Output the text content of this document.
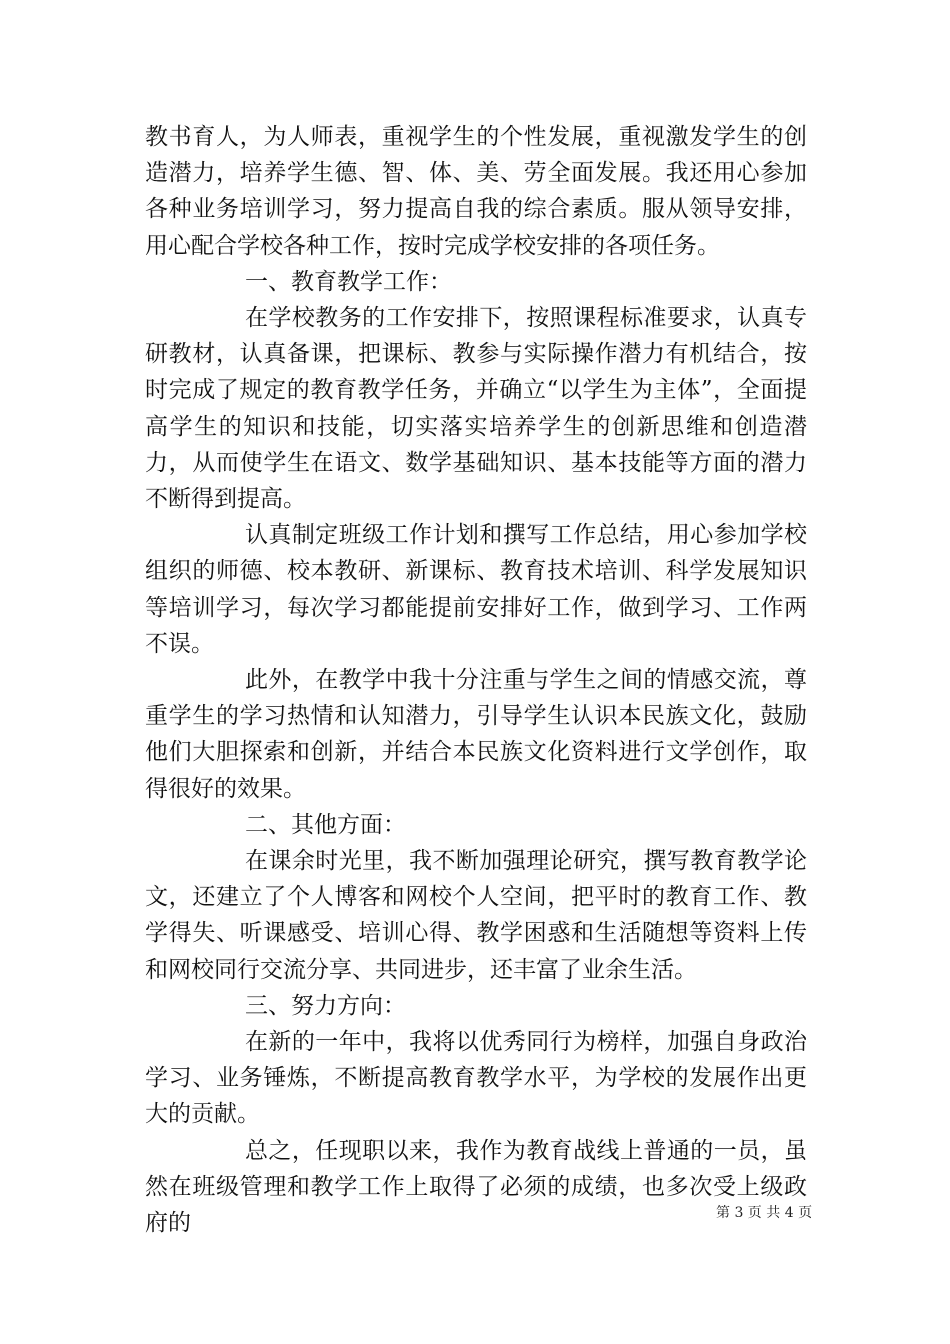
教书育人，为人师表，重视学生的个性发展，重视激发学生的创造潜力，培养学生德、智、体、美、劳全面发展。我还用心参加各种业务培训学习，努力提高自我的综合素质。服从领导安排，用心配合学校各种工作，按时完成学校安排的各项任务。

一、教育教学工作：

在学校教务的工作安排下，按照课程标准要求，认真专研教材，认真备课，把课标、教参与实际操作潜力有机结合，按时完成了规定的教育教学任务，并确立“以学生为主体”，全面提高学生的知识和技能，切实落实培养学生的创新思维和创造潜力，从而使学生在语文、数学基础知识、基本技能等方面的潜力不断得到提高。

认真制定班级工作计划和撰写工作总结，用心参加学校组织的师德、校本教研、新课标、教育技术培训、科学发展知识等培训学习，每次学习都能提前安排好工作，做到学习、工作两不误。

此外，在教学中我十分注重与学生之间的情感交流，尊重学生的学习热情和认知潜力，引导学生认识本民族文化，鼓励他们大胆探索和创新，并结合本民族文化资料进行文学创作，取得很好的效果。

二、其他方面：

在课余时光里，我不断加强理论研究，撰写教育教学论文，还建立了个人博客和网校个人空间，把平时的教育工作、教学得失、听课感受、培训心得、教学困惑和生活随想等资料上传和网校同行交流分享、共同进步，还丰富了业余生活。

三、努力方向：

在新的一年中，我将以优秀同行为榜样，加强自身政治学习、业务锤炼，不断提高教育教学水平，为学校的发展作出更大的贡献。

总之，任现职以来，我作为教育战线上普通的一员，虽然在班级管理和教学工作上取得了必须的成绩，也多次受上级政府的	第 3 页 共 4 页
